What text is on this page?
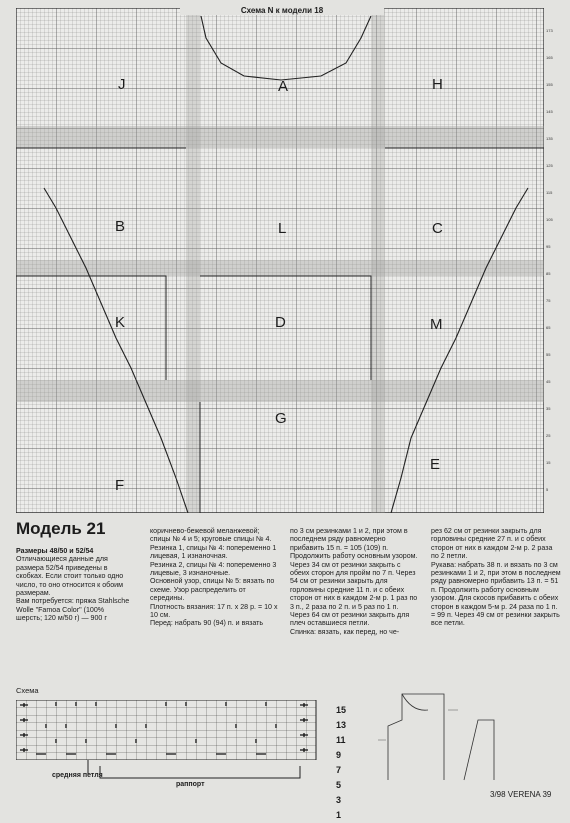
Схема N к модели 18
J	A	H
B	L	C
K	D	M
G
E
F
173
165
155
145
135
125
115
105
95
85
75
65
55
45
35
25
15
5
Модель 21

Размеры 48/50 и 52/54

Отличающиеся данные для размера 52/54 приведены в скобках. Если стоит только одно число, то оно относится к обоим размерам.

Вам потребуется: пряжа Stahlsche Wolle "Famoa Color" (100% шерсть; 120 м/50 г) — 900 г

коричнево-бежевой меланжевой; спицы № 4 и 5; круговые спицы № 4.

Резинка 1, спицы № 4: попеременно 1 лицевая, 1 изнаночная.

Резинка 2, спицы № 4: попеременно 3 лицевые, 3 изнаночные.

Основной узор, спицы № 5: вязать по схеме. Узор распределить от середины.

Плотность вязания: 17 п. х 28 р. = 10 х 10 см.

Перед: набрать 90 (94) п. и вязать

по 3 см резинками 1 и 2, при этом в последнем ряду равномерно прибавить 15 п. = 105 (109) п. Продолжить работу основным узором. Через 34 см от резинки закрыть с обеих сторон для пройм по 7 п. Через 54 см от резинки закрыть для горловины средние 11 п. и с обеих сторон от них в каждом 2-м р. 1 раз по 3 п., 2 раза по 2 п. и 5 раз по 1 п. Через 64 см от резинки закрыть для плеч оставшиеся петли.

Спинка: вязать, как перед, но че-

рез 62 см от резинки закрыть для горловины средние 27 п. и с обеих сторон от них в каждом 2-м р. 2 раза по 2 петли.

Рукава: набрать 38 п. и вязать по 3 см резинками 1 и 2, при этом в последнем ряду равномерно прибавить 13 п. = 51 п. Продолжить работу основным узором. Для скосов прибавить с обеих сторон в каждом 5-м р. 24 раза по 1 п. = 99 п. Через 49 см от резинки закрыть все петли.

Схема
15
13
11
9
7
5
3
1
средняя петля
раппорт
3/98 VERENA 39
